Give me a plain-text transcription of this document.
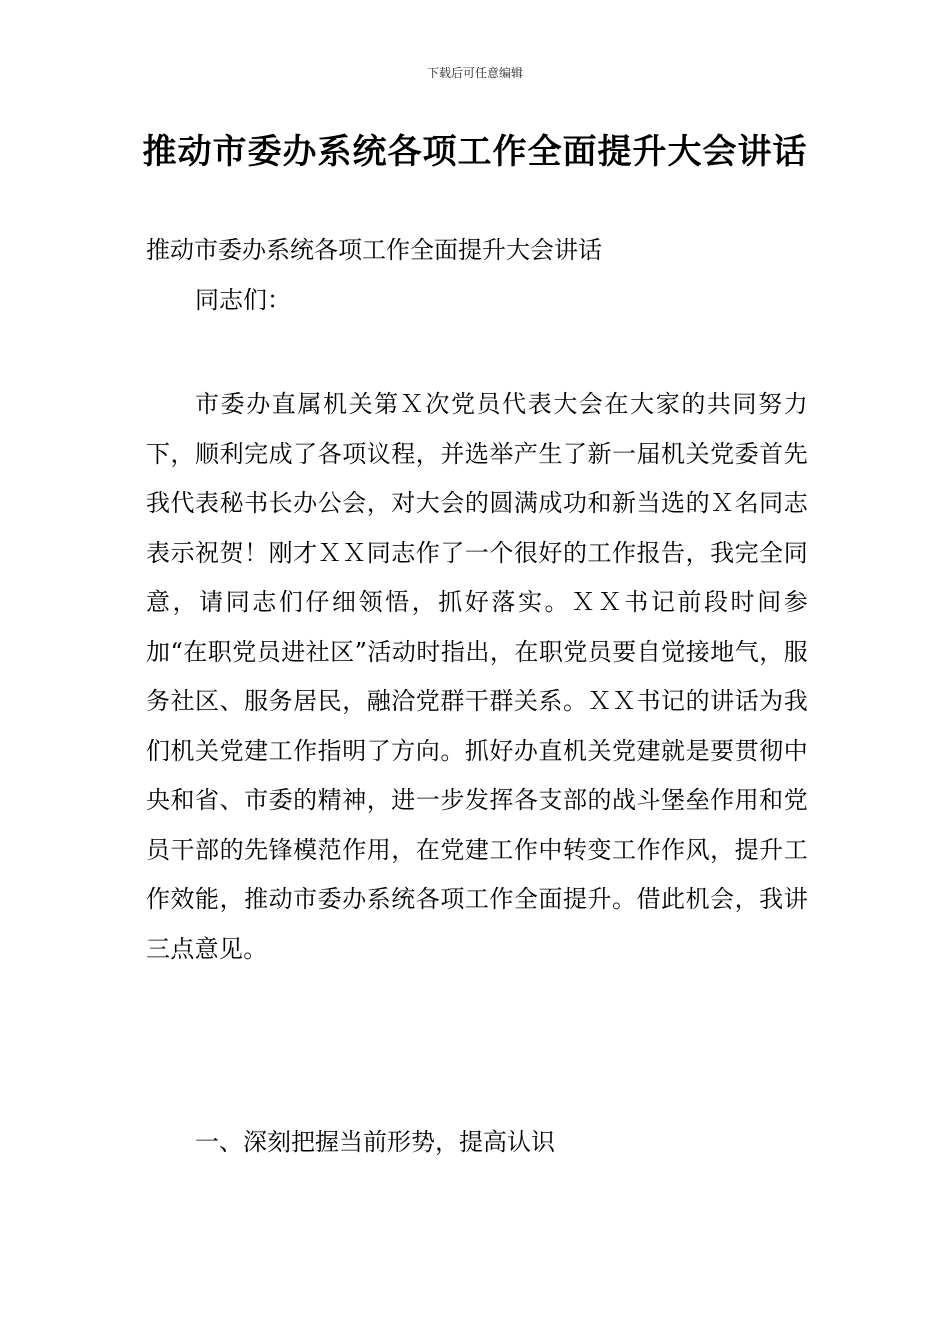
下载后可任意编辑
推动市委办系统各项工作全面提升大会讲话
推动市委办系统各项工作全面提升大会讲话
同志们：

市委办直属机关第Ｘ次党员代表大会在大家的共同努力下，顺利完成了各项议程，并选举产生了新一届机关党委首先我代表秘书长办公会，对大会的圆满成功和新当选的Ｘ名同志表示祝贺！刚才ＸＸ同志作了一个很好的工作报告，我完全同意，请同志们仔细领悟，抓好落实。ＸＸ书记前段时间参加“在职党员进社区”活动时指出，在职党员要自觉接地气，服务社区、服务居民，融洽党群干群关系。ＸＸ书记的讲话为我们机关党建工作指明了方向。抓好办直机关党建就是要贯彻中央和省、市委的精神，进一步发挥各支部的战斗堡垒作用和党员干部的先锋模范作用，在党建工作中转变工作作风，提升工作效能，推动市委办系统各项工作全面提升。借此机会，我讲三点意见。

一、深刻把握当前形势，提高认识
